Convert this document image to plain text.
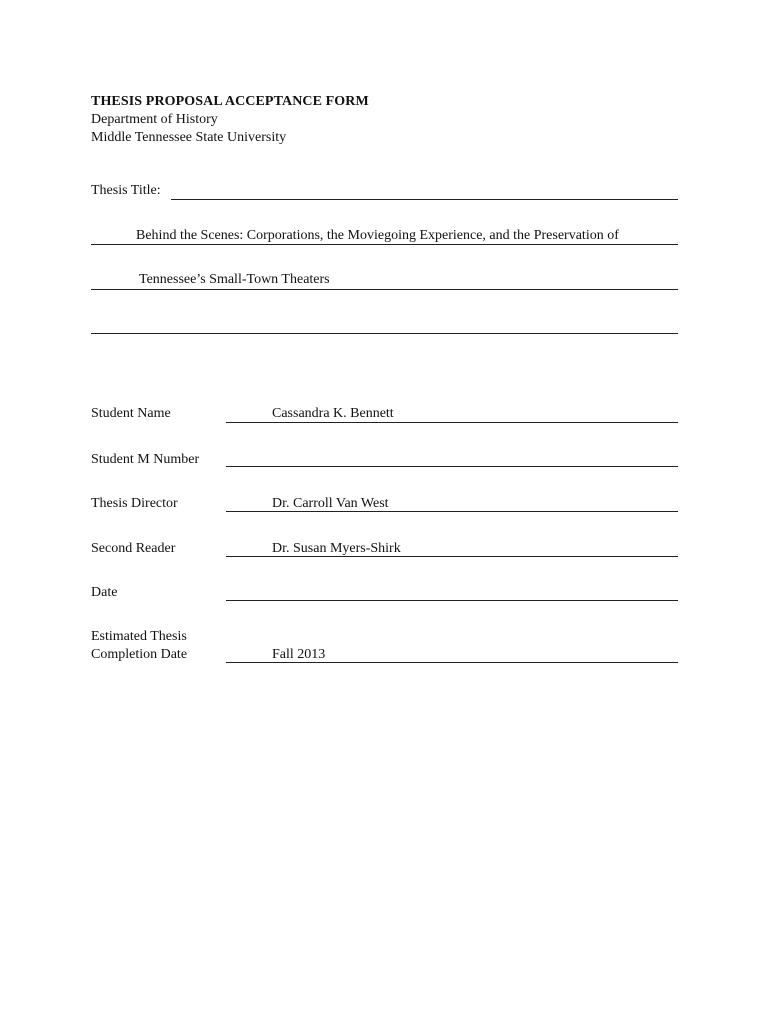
THESIS PROPOSAL ACCEPTANCE FORM
Department of History
Middle Tennessee State University
Thesis Title:
Behind the Scenes: Corporations, the Moviegoing Experience, and the Preservation of
Tennessee’s Small-Town Theaters
Student Name	Cassandra K. Bennett
Student M Number
Thesis Director	Dr. Carroll Van West
Second Reader	Dr. Susan Myers-Shirk
Date
Estimated Thesis
Completion Date	Fall 2013
